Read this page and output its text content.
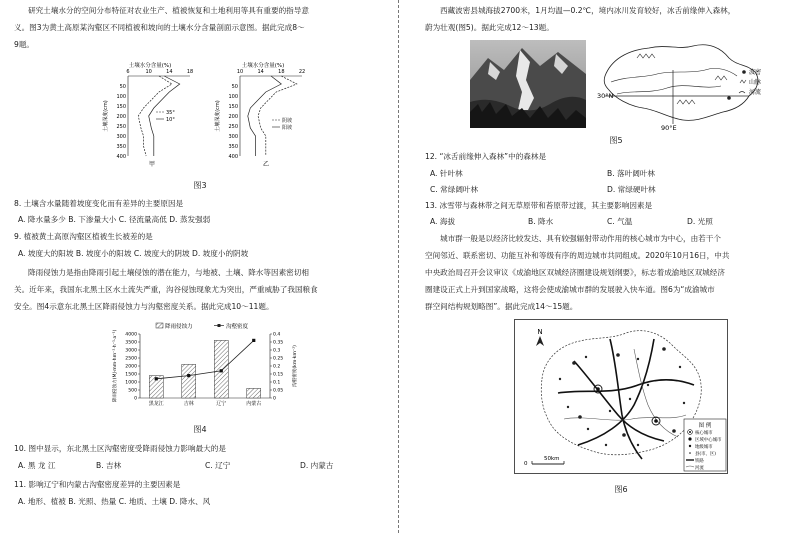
研究土壤水分的空间分布特征对农业生产、植被恢复和土地利用等具有重要的指导意
义。图3为黄土高原某沟壑区不同植被和坡向的土壤水分含量剖面示意图。据此完成8～
9题。
土壤水分含量(%)
6	10	14	18
50
100
150
200
250
300
350
400
土壤深度(cm)	35°
10°
甲
土壤水分含量(%)
10	14	18	22
50
100
150
200
250
300
350
400
土壤深度(cm)	阴坡
阳坡
乙
图3
8. 土壤含水量随着坡度变化而有差异的主要原因是
A. 降水量多少 B. 下渗量大小 C. 径流量高低 D. 蒸发强弱
9. 植被黄土高原沟壑区植被生长被差的是
A. 坡度大的阳坡 B. 坡度小的阳坡 C. 坡度大的阴坡 D. 坡度小的阴坡
降雨侵蚀力是指由降雨引起土壤侵蚀的潜在能力，与地被、土壤、降水等因素密切相
关。近年来，我国东北黑土区水土流失严重，沟谷侵蚀现象尤为突出，严重威胁了我国粮食
安全。图4示意东北黑土区降雨侵蚀力与沟壑密度关系。据此完成10～11题。
降雨侵蚀力	沟壑密度
0
500
1000
1500
2000
2500
3000
3500
4000
0
0.05
0.1
0.15
0.2
0.25
0.3
0.35
0.4
黑龙江	吉林	辽宁	内蒙古
降雨侵蚀力(MJ·mm·hm⁻²·h⁻¹·a⁻¹)	沟壑密度(km·km⁻²)
图4
10. 图中显示，东北黑土区沟壑密度受降雨侵蚀力影响最大的是
A. 黑 龙 江	B. 吉林	C. 辽宁	D. 内蒙古
11. 影响辽宁和内蒙古沟壑密度差异的主要因素是
A. 地形、植被 B. 光照、热量 C. 地质、土壤 D. 降水、风
西藏波密县城海拔2700米，1月均温—0.2℃，境内冰川发育较好，冰舌前缘伸入森林，
蔚为壮观(图5)。据此完成12～13题。
30°N
90°E
波密
山脉
河流
图5
12. “冰舌前缘伸入森林”中的森林是
A. 针叶林	B. 落叶阔叶林
C. 常绿阔叶林	D. 常绿硬叶林
13. 冰雪带与森林带之间无草原带和苔原带过渡，其主要影响因素是
A. 海拔	B. 降水	C. 气温	D. 光照
城市群一般是以经济比较发达、具有较强辐射带动作用的核心城市为中心，由若干个
空间邻近、联系密切、功能互补和等级有序的周边城市共同组成。2020年10月16日，中共
中央政治局召开会议审议《成渝地区双城经济圈建设规划纲要》，标志着成渝地区双城经济
圈建设正式上升到国家战略，这将会使成渝城市群的发展驶入快车道。图6为“成渝城市
群空间结构规划略图”。据此完成14～15题。
N
0
50km
图 例
核心城市
区域中心城市
地级城市
县(市、区)
铁路
河流
图6
